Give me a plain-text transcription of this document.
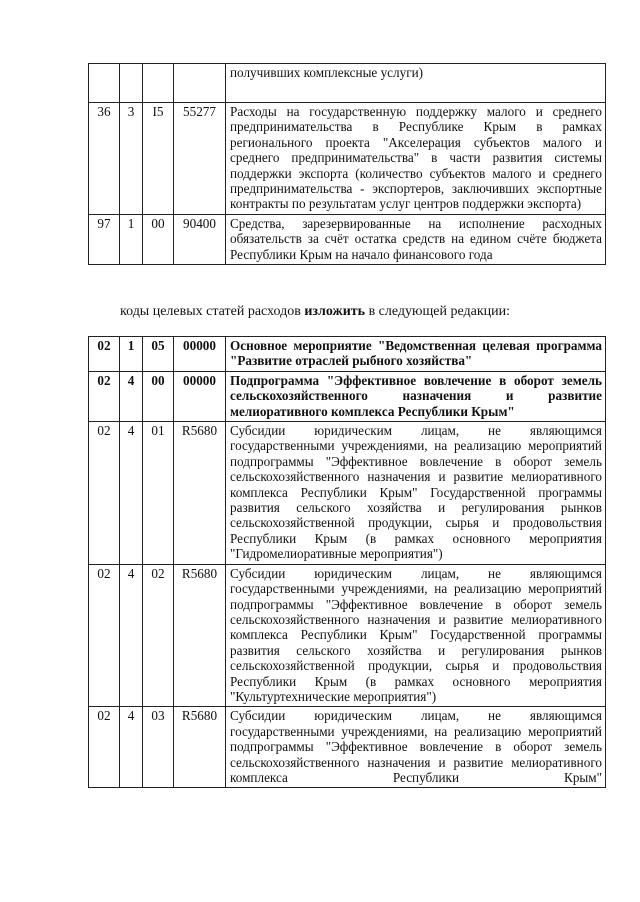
				получивших комплексные услуги)
36	3	I5	55277	Расходы на государственную поддержку малого и среднего предпринимательства в Республике Крым в рамках регионального проекта "Акселерация субъектов малого и среднего предпринимательства" в части развития системы поддержки экспорта (количество субъектов малого и среднего предпринимательства - экспортеров, заключивших экспортные контракты по результатам услуг центров поддержки экспорта)
97	1	00	90400	Средства, зарезервированные на исполнение расходных обязательств за счёт остатка средств на едином счёте бюджета Республики Крым на начало финансового года
коды целевых статей расходов изложить в следующей редакции:
02	1	05	00000	Основное мероприятие "Ведомственная целевая программа "Развитие отраслей рыбного хозяйства"
02	4	00	00000	Подпрограмма "Эффективное вовлечение в оборот земель сельскохозяйственного назначения и развитие мелиоративного комплекса Республики Крым"
02	4	01	R5680	Субсидии юридическим лицам, не являющимся государственными учреждениями, на реализацию мероприятий подпрограммы "Эффективное вовлечение в оборот земель сельскохозяйственного назначения и развитие мелиоративного комплекса Республики Крым" Государственной программы развития сельского хозяйства и регулирования рынков сельскохозяйственной продукции, сырья и продовольствия Республики Крым (в рамках основного мероприятия "Гидромелиоративные мероприятия")
02	4	02	R5680	Субсидии юридическим лицам, не являющимся государственными учреждениями, на реализацию мероприятий подпрограммы "Эффективное вовлечение в оборот земель сельскохозяйственного назначения и развитие мелиоративного комплекса Республики Крым" Государственной программы развития сельского хозяйства и регулирования рынков сельскохозяйственной продукции, сырья и продовольствия Республики Крым (в рамках основного мероприятия "Культуртехнические мероприятия")
02	4	03	R5680	Субсидии юридическим лицам, не являющимся государственными учреждениями, на реализацию мероприятий подпрограммы "Эффективное вовлечение в оборот земель сельскохозяйственного назначения и развитие мелиоративного комплекса Республики Крым"
